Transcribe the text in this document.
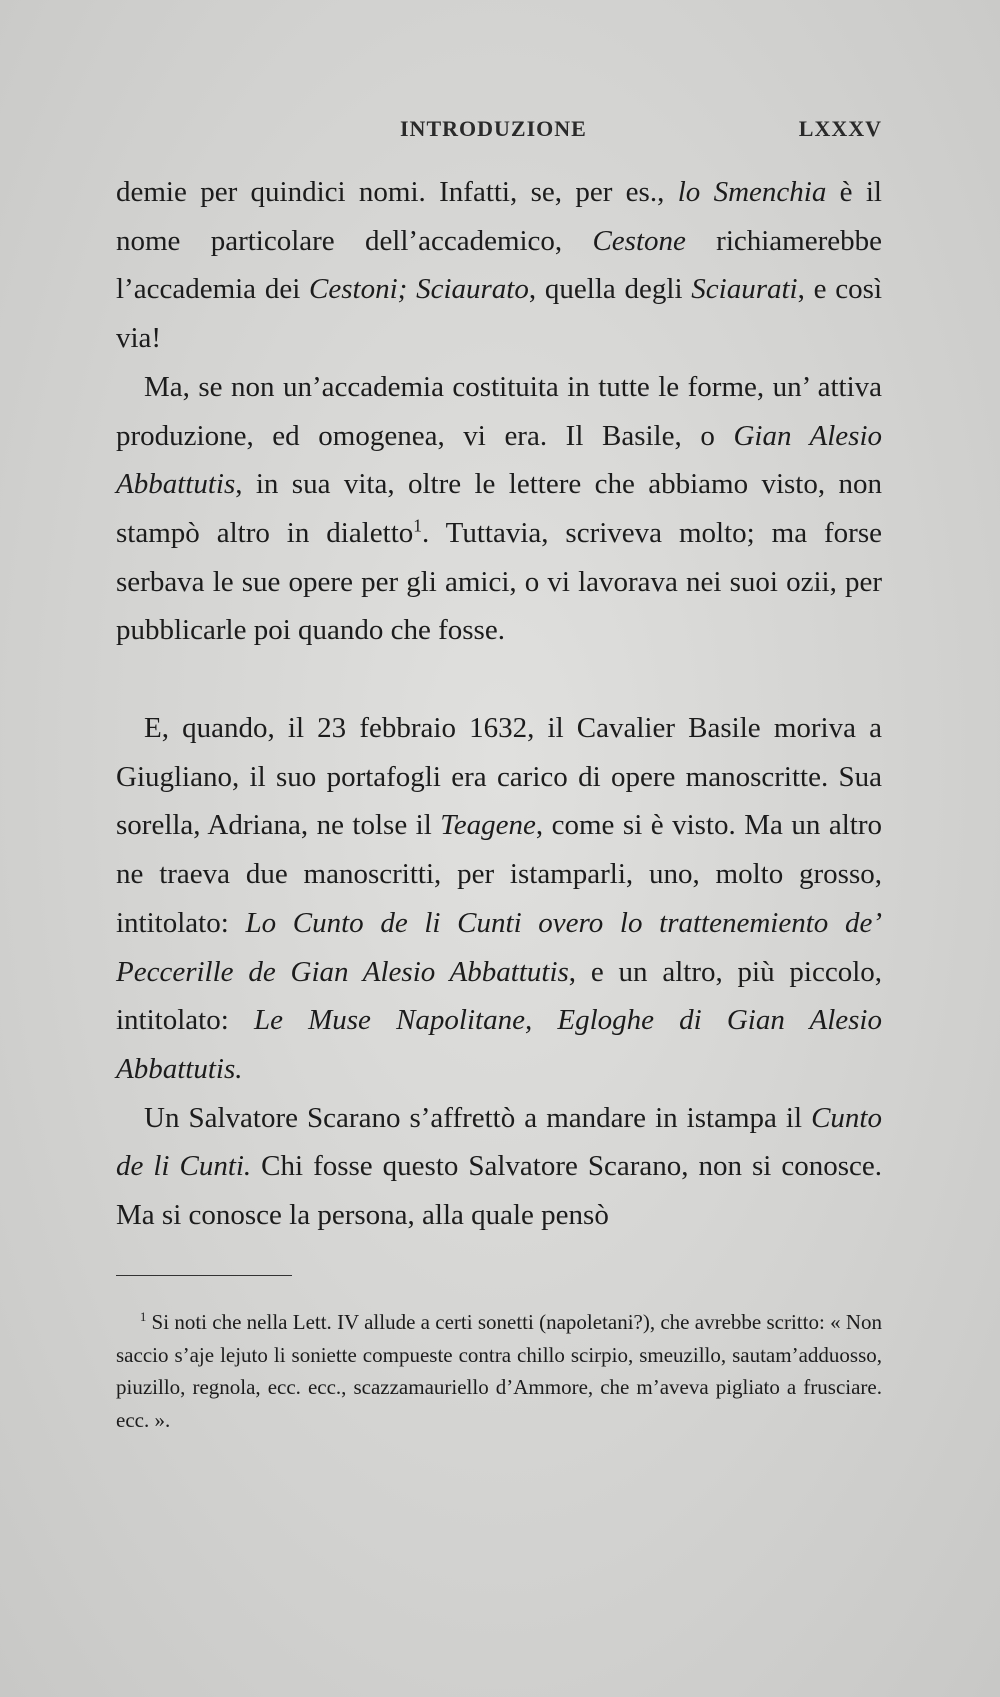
INTRODUZIONE	LXXXV

demie per quindici nomi. Infatti, se, per es., lo Smenchia è il nome particolare dell’accademico, Cestone richiamerebbe l’accademia dei Cestoni; Sciaurato, quella degli Sciaurati, e così via!

Ma, se non un’accademia costituita in tutte le forme, un’ attiva produzione, ed omogenea, vi era. Il Basile, o Gian Alesio Abbattutis, in sua vita, oltre le lettere che abbiamo visto, non stampò altro in dialetto$^1$. Tuttavia, scriveva molto; ma forse serbava le sue opere per gli amici, o vi lavorava nei suoi ozii, per pubblicarle poi quando che fosse.

E, quando, il 23 febbraio 1632, il Cavalier Basile moriva a Giugliano, il suo portafogli era carico di opere manoscritte. Sua sorella, Adriana, ne tolse il Teagene, come si è visto. Ma un altro ne traeva due manoscritti, per istamparli, uno, molto grosso, intitolato: Lo Cunto de li Cunti overo lo trattenemiento de’ Peccerille de Gian Alesio Abbattutis, e un altro, più piccolo, intitolato: Le Muse Napolitane, Egloghe di Gian Alesio Abbattutis.

Un Salvatore Scarano s’affrettò a mandare in istampa il Cunto de li Cunti. Chi fosse questo Salvatore Scarano, non si conosce. Ma si conosce la persona, alla quale pensò

$^1$ Si noti che nella Lett. IV allude a certi sonetti (napoletani?), che avrebbe scritto: « Non saccio s’aje lejuto li soniette compueste contra chillo scirpio, smeuzillo, sautam’adduosso, piuzillo, regnola, ecc. ecc., scazzamauriello d’Ammore, che m’aveva pigliato a frusciare. ecc. ».
